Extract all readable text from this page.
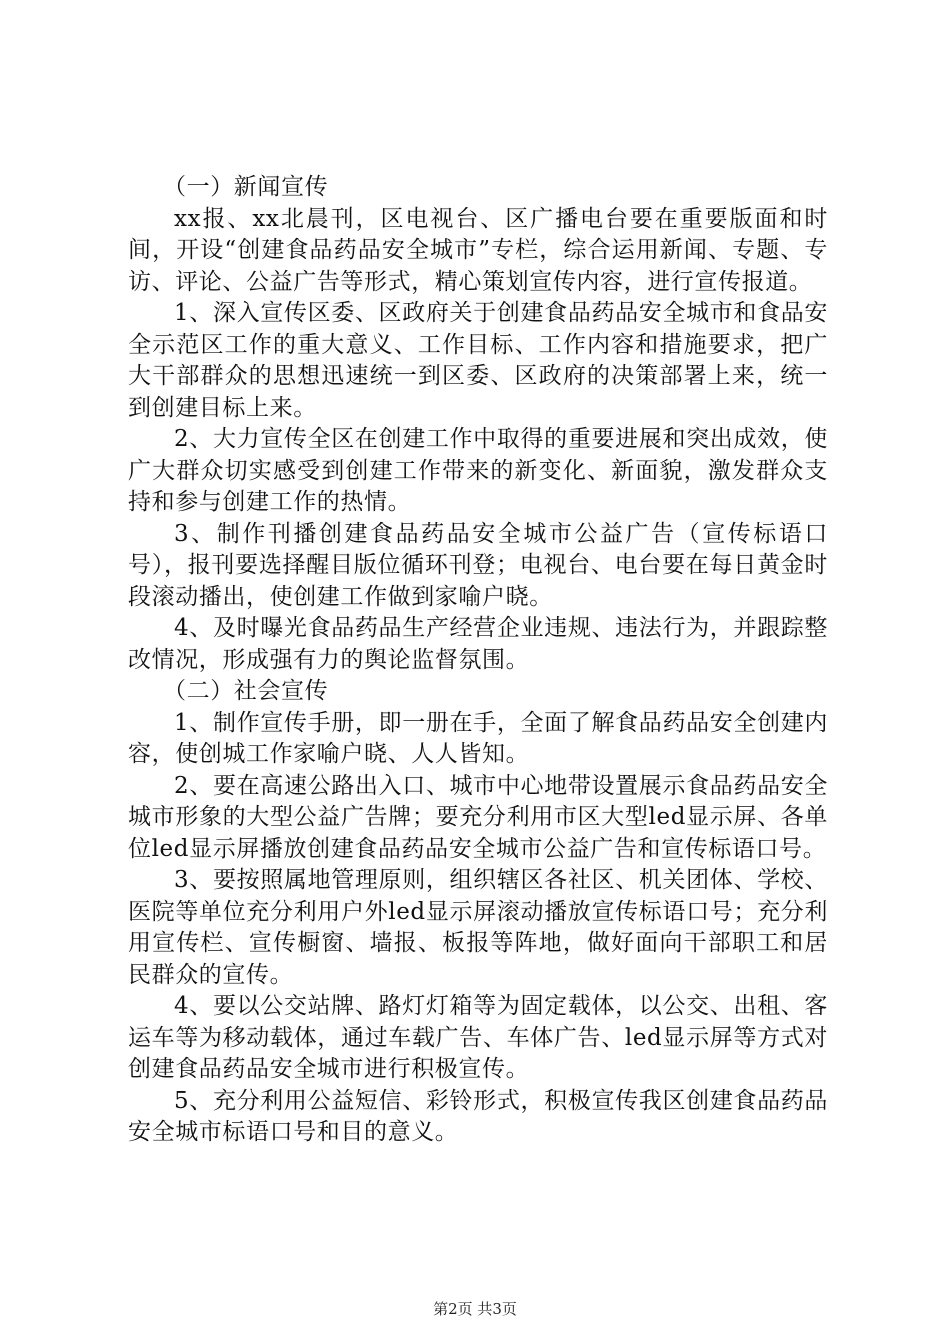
（一）新闻宣传

xx报、xx北晨刊，区电视台、区广播电台要在重要版面和时间，开设“创建食品药品安全城市”专栏，综合运用新闻、专题、专访、评论、公益广告等形式，精心策划宣传内容，进行宣传报道。

1、深入宣传区委、区政府关于创建食品药品安全城市和食品安全示范区工作的重大意义、工作目标、工作内容和措施要求，把广大干部群众的思想迅速统一到区委、区政府的决策部署上来，统一到创建目标上来。

2、大力宣传全区在创建工作中取得的重要进展和突出成效，使广大群众切实感受到创建工作带来的新变化、新面貌，激发群众支持和参与创建工作的热情。

3、制作刊播创建食品药品安全城市公益广告（宣传标语口号），报刊要选择醒目版位循环刊登；电视台、电台要在每日黄金时段滚动播出，使创建工作做到家喻户晓。

4、及时曝光食品药品生产经营企业违规、违法行为，并跟踪整改情况，形成强有力的舆论监督氛围。

（二）社会宣传

1、制作宣传手册，即一册在手，全面了解食品药品安全创建内容，使创城工作家喻户晓、人人皆知。

2、要在高速公路出入口、城市中心地带设置展示食品药品安全城市形象的大型公益广告牌；要充分利用市区大型led显示屏、各单位led显示屏播放创建食品药品安全城市公益广告和宣传标语口号。

3、要按照属地管理原则，组织辖区各社区、机关团体、学校、医院等单位充分利用户外led显示屏滚动播放宣传标语口号；充分利用宣传栏、宣传橱窗、墙报、板报等阵地，做好面向干部职工和居民群众的宣传。

4、要以公交站牌、路灯灯箱等为固定载体，以公交、出租、客运车等为移动载体，通过车载广告、车体广告、led显示屏等方式对创建食品药品安全城市进行积极宣传。

5、充分利用公益短信、彩铃形式，积极宣传我区创建食品药品安全城市标语口号和目的意义。

第2页 共3页
